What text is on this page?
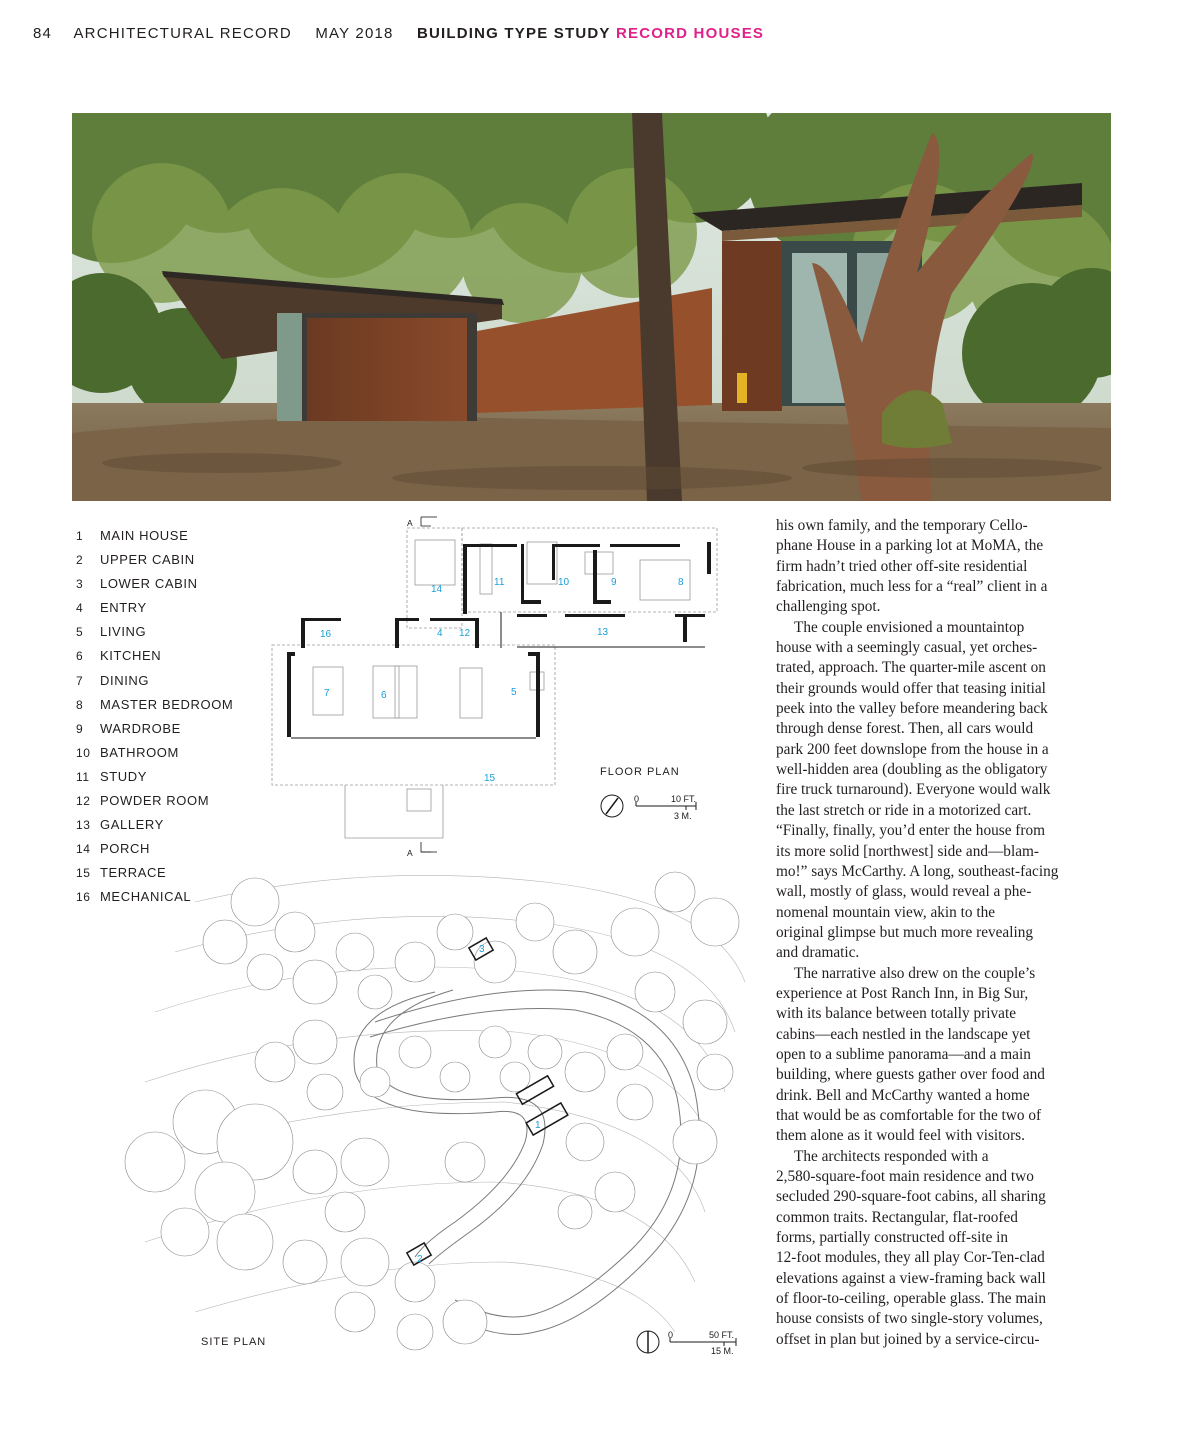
84 ARCHITECTURAL RECORD MAY 2018 BUILDING TYPE STUDY RECORD HOUSES
1 MAIN HOUSE
2 UPPER CABIN
3 LOWER CABIN
4 ENTRY
5 LIVING
6 KITCHEN
7 DINING
8 MASTER BEDROOM
9 WARDROBE
10 BATHROOM
11 STUDY
12 POWDER ROOM
13 GALLERY
14 PORCH
15 TERRACE
16 MECHANICAL
A
A
14
11	10	9	8
16	4 12	13
7	6	5
15
FLOOR PLAN
0	10 FT.
3 M.
3
1
2
SITE PLAN
0	50 FT.
15 M.
his own family, and the temporary Cello-
phane House in a parking lot at MoMA, the
firm hadn’t tried other off-site residential
fabrication, much less for a “real” client in a
challenging spot.
The couple envisioned a mountaintop
house with a seemingly casual, yet orches-
trated, approach. The quarter-mile ascent on
their grounds would offer that teasing initial
peek into the valley before meandering back
through dense forest. Then, all cars would
park 200 feet downslope from the house in a
well-hidden area (doubling as the obligatory
fire truck turnaround). Everyone would walk
the last stretch or ride in a motorized cart.
“Finally, finally, you’d enter the house from
its more solid [northwest] side and—blam-
mo!” says McCarthy. A long, southeast-facing
wall, mostly of glass, would reveal a phe-
nomenal mountain view, akin to the
original glimpse but much more revealing
and dramatic.
The narrative also drew on the couple’s
experience at Post Ranch Inn, in Big Sur,
with its balance between totally private
cabins—each nestled in the landscape yet
open to a sublime panorama—and a main
building, where guests gather over food and
drink. Bell and McCarthy wanted a home
that would be as comfortable for the two of
them alone as it would feel with visitors.
The architects responded with a
2,580-square-foot main residence and two
secluded 290-square-foot cabins, all sharing
common traits. Rectangular, flat-roofed
forms, partially constructed off-site in
12-foot modules, they all play Cor-Ten-clad
elevations against a view-framing back wall
of floor-to-ceiling, operable glass. The main
house consists of two single-story volumes,
offset in plan but joined by a service-circu-
